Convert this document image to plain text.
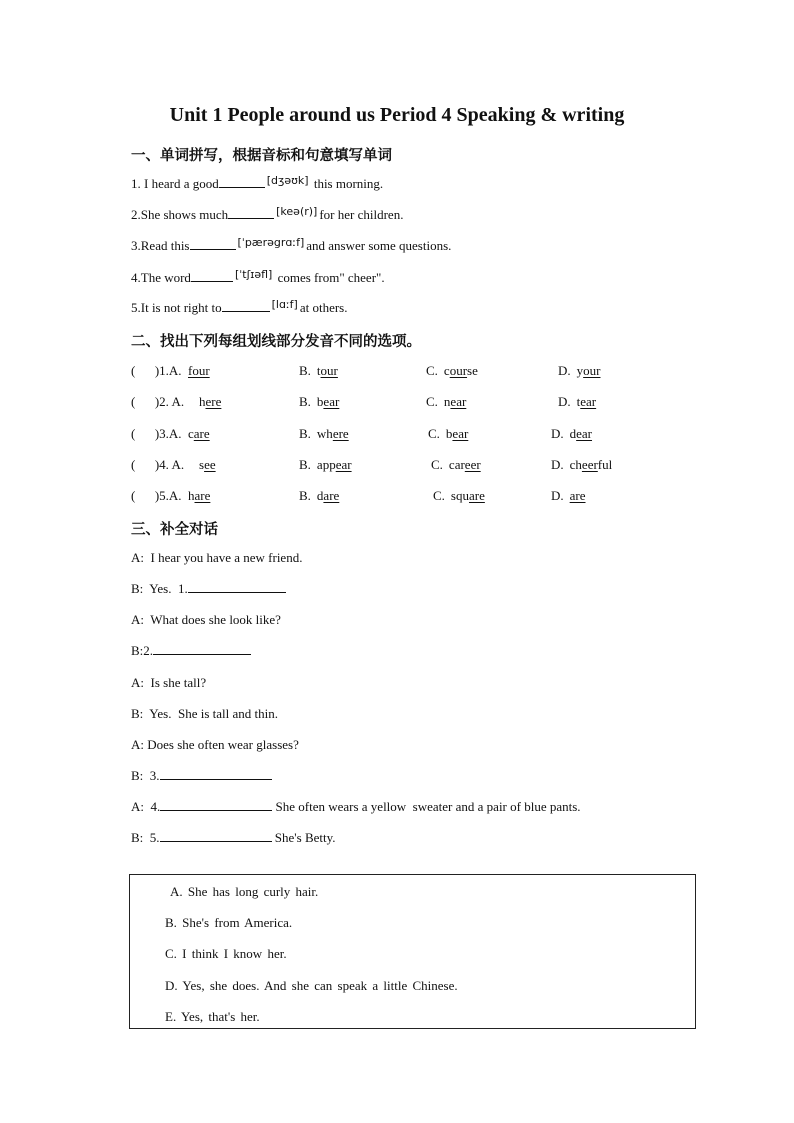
Unit 1 People around us Period 4 Speaking & writing
一、单词拼写，根据音标和句意填写单词
1. I heard a good	[dʒəʊk] this morning.
2.She shows much	[keə(r)] for her children.
3.Read this	[ˈpærəgrɑːf] and answer some questions.
4.The word	[ˈtʃɪəfl] comes from" cheer".
5.It is not right to	[lɑːf] at others.
二、找出下列每组划线部分发音不同的选项。
(      )1.A. four	B. tour	C. course	D. your
(      )2. A. here	B. bear	C. near	D. tear
(      )3.A. care	B. where	C. bear	D. dear
(      )4. A. see	B. appear	C. career	D. cheerful
(      )5.A. hare	B. dare	C. square	D. are
三、补全对话
A:  I hear you have a new friend.
B:  Yes.  1.
A:  What does she look like?
B:2.
A:  Is she tall?
B:  Yes.  She is tall and thin.
A: Does she often wear glasses?
B:  3.
A:  4.	She often wears a yellow  sweater and a pair of blue pants.
B:  5.	She's Betty.
A. She has long curly hair.
B. She's from America.
C. I think I know her.
D. Yes, she does. And she can speak a little Chinese.
E. Yes, that's her.
